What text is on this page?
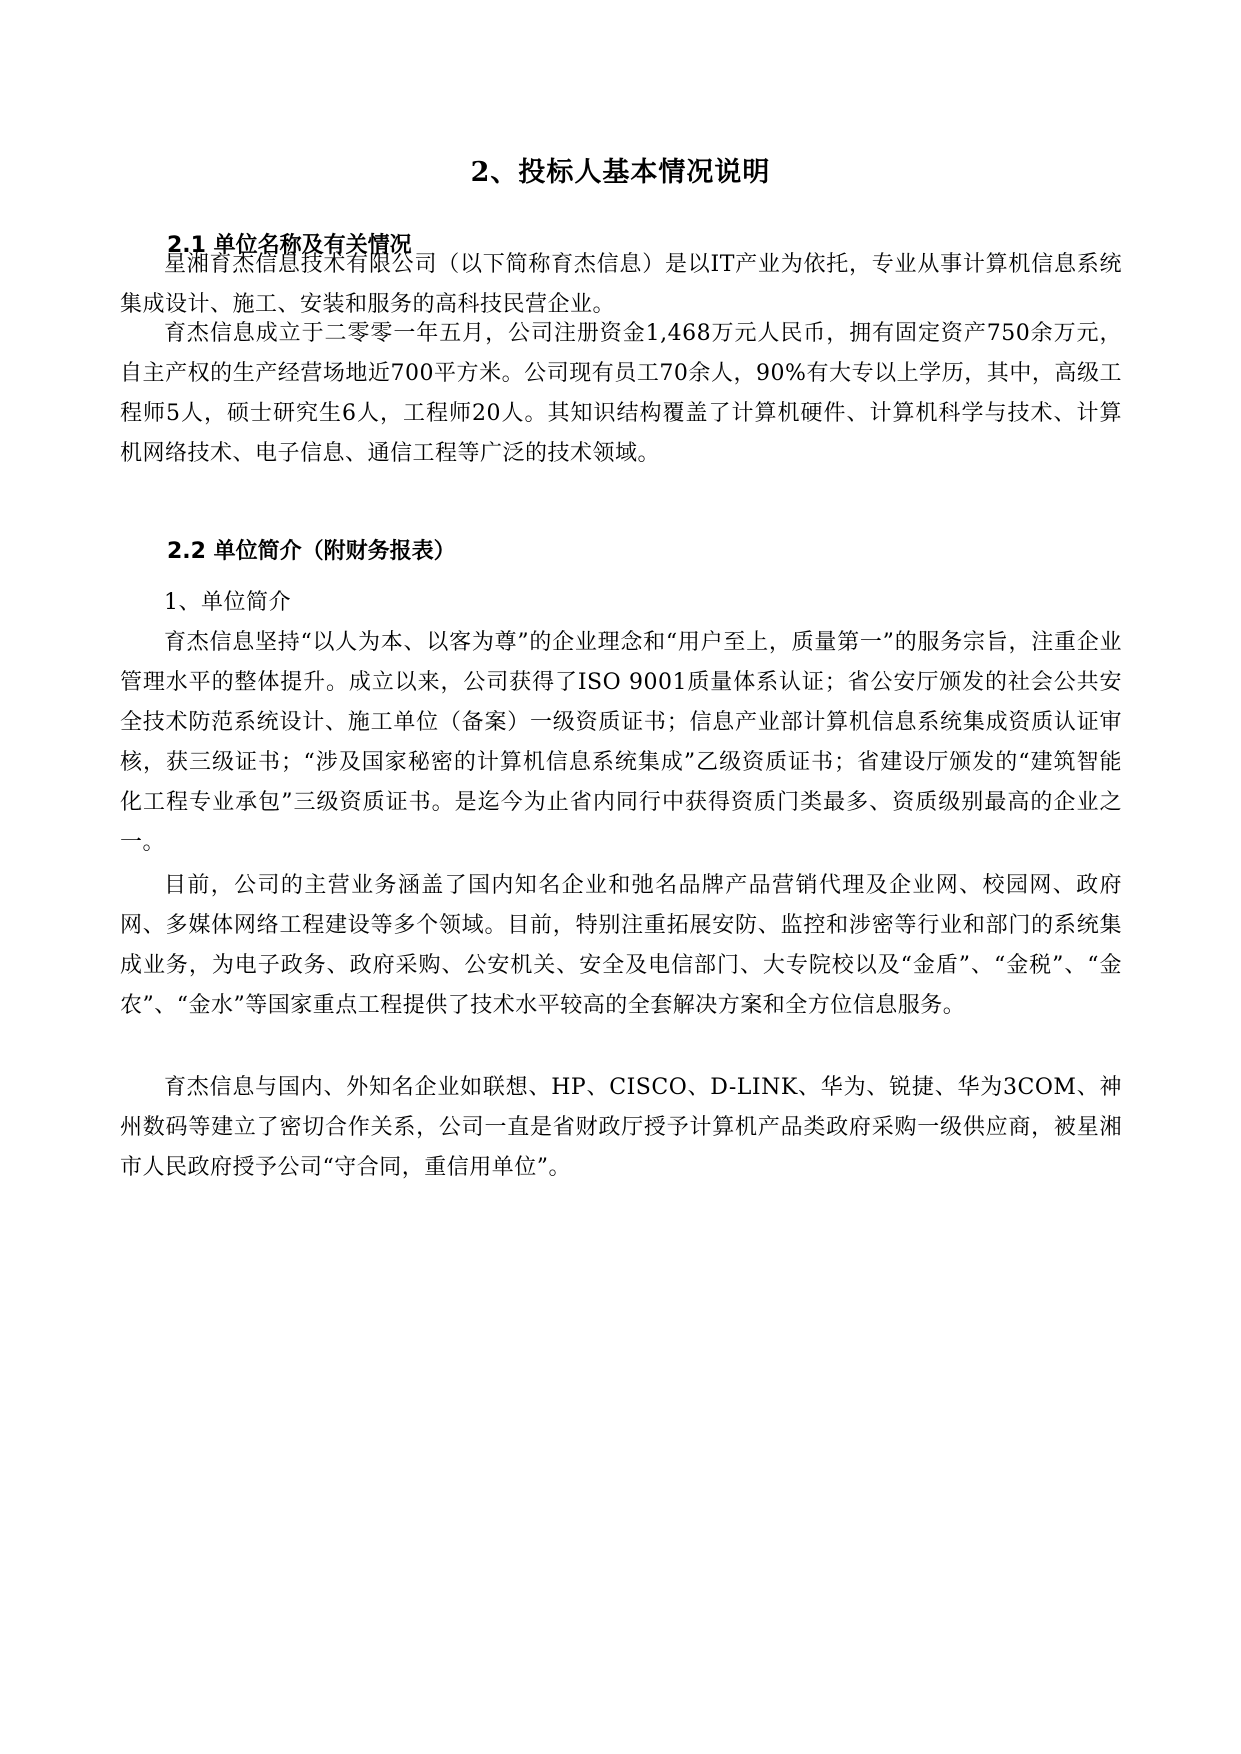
2、投标人基本情况说明
2.1 单位名称及有关情况

星湘育杰信息技术有限公司（以下简称育杰信息）是以IT产业为依托，专业从事计算机信息系统集成设计、施工、安装和服务的高科技民营企业。

育杰信息成立于二零零一年五月，公司注册资金1,468万元人民币，拥有固定资产750余万元，自主产权的生产经营场地近700平方米。公司现有员工70余人，90%有大专以上学历，其中，高级工程师5人，硕士研究生6人，工程师20人。其知识结构覆盖了计算机硬件、计算机科学与技术、计算机网络技术、电子信息、通信工程等广泛的技术领域。

2.2 单位简介（附财务报表）

1、单位简介

育杰信息坚持“以人为本、以客为尊”的企业理念和“用户至上，质量第一”的服务宗旨，注重企业管理水平的整体提升。成立以来，公司获得了ISO 9001质量体系认证；省公安厅颁发的社会公共安全技术防范系统设计、施工单位（备案）一级资质证书；信息产业部计算机信息系统集成资质认证审核，获三级证书；“涉及国家秘密的计算机信息系统集成”乙级资质证书；省建设厅颁发的“建筑智能化工程专业承包”三级资质证书。是迄今为止省内同行中获得资质门类最多、资质级别最高的企业之一。

目前，公司的主营业务涵盖了国内知名企业和弛名品牌产品营销代理及企业网、校园网、政府网、多媒体网络工程建设等多个领域。目前，特别注重拓展安防、监控和涉密等行业和部门的系统集成业务，为电子政务、政府采购、公安机关、安全及电信部门、大专院校以及“金盾”、“金税”、“金农”、“金水”等国家重点工程提供了技术水平较高的全套解决方案和全方位信息服务。

育杰信息与国内、外知名企业如联想、HP、CISCO、D-LINK、华为、锐捷、华为3COM、神州数码等建立了密切合作关系，公司一直是省财政厅授予计算机产品类政府采购一级供应商，被星湘市人民政府授予公司“守合同，重信用单位”。
